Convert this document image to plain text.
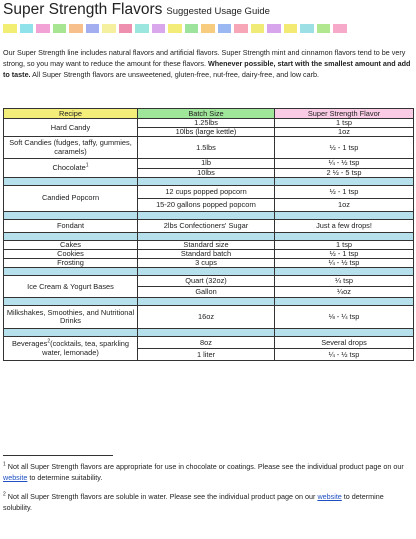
Super Strength Flavors Suggested Usage Guide
Our Super Strength line includes natural flavors and artificial flavors. Super Strength mint and cinnamon flavors tend to be very strong, so you may want to reduce the amount for these flavors. Whenever possible, start with the smallest amount and add to taste. All Super Strength flavors are unsweetened, gluten-free, nut-free, dairy-free, and low carb.
Recipe	Batch Size	Super Strength Flavor
Hard Candy	1.25lbs	1 tsp
	10lbs (large kettle)	1oz
Soft Candies (fudges, taffy, gummies, caramels)	1.5lbs	½ - 1 tsp
Chocolate$^1$	1lb	¼ - ½ tsp
	10lbs	2 ½ - 5 tsp

Candied Popcorn	12 cups popped popcorn	½ - 1 tsp
	15-20 gallons popped popcorn	1oz

Fondant	2lbs Confectioners' Sugar	Just a few drops!

Cakes	Standard size	1 tsp
Cookies	Standard batch	½ - 1 tsp
Frosting	3 cups	¼ - ½ tsp

Ice Cream & Yogurt Bases	Quart (32oz)	¼ tsp
	Gallon	¼oz

Milkshakes, Smoothies, and Nutritional Drinks	16oz	⅛ - ¼ tsp

Beverages$^2$(cocktails, tea, sparkling water, lemonade)	8oz	Several drops
	1 liter	¼ - ½ tsp
$^1$ Not all Super Strength flavors are appropriate for use in chocolate or coatings. Please see the individual product page on our website to determine suitability.
$^2$ Not all Super Strength flavors are soluble in water. Please see the individual product page on our website to determine solubility.
